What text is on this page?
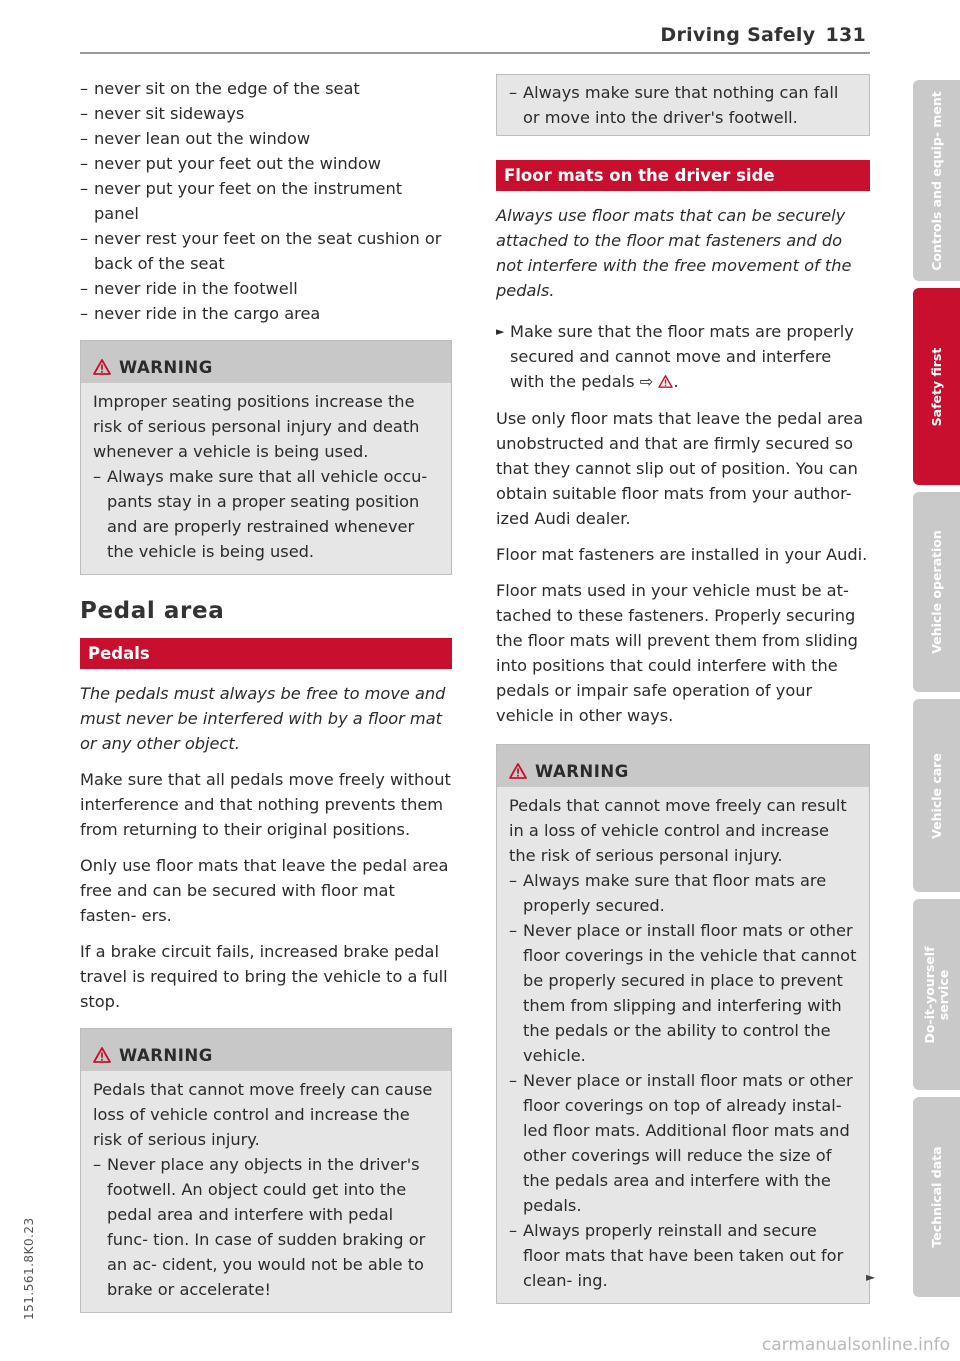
Driving Safely 131
– never sit on the edge of the seat
– never sit sideways
– never lean out the window
– never put your feet out the window
– never put your feet on the instrument panel
– never rest your feet on the seat cushion or back of the seat
– never ride in the footwell
– never ride in the cargo area
WARNING
Improper seating positions increase the risk of serious personal injury and death whenever a vehicle is being used.
– Always make sure that all vehicle occu- pants stay in a proper seating position and are properly restrained whenever the vehicle is being used.
Pedal area
Pedals

The pedals must always be free to move and must never be interfered with by a floor mat or any other object.

Make sure that all pedals move freely without interference and that nothing prevents them from returning to their original positions.

Only use floor mats that leave the pedal area free and can be secured with floor mat fasten- ers.

If a brake circuit fails, increased brake pedal travel is required to bring the vehicle to a full stop.

WARNING
Pedals that cannot move freely can cause loss of vehicle control and increase the risk of serious injury.
– Never place any objects in the driver's footwell. An object could get into the pedal area and interfere with pedal func- tion. In case of sudden braking or an ac- cident, you would not be able to brake or accelerate!
– Always make sure that nothing can fall or move into the driver's footwell.
Floor mats on the driver side

Always use floor mats that can be securely attached to the floor mat fasteners and do not interfere with the free movement of the pedals.

► Make sure that the floor mats are properly secured and cannot move and interfere with the pedals ⇨ .

Use only floor mats that leave the pedal area unobstructed and that are firmly secured so that they cannot slip out of position. You can obtain suitable floor mats from your author- ized Audi dealer.

Floor mat fasteners are installed in your Audi.

Floor mats used in your vehicle must be at- tached to these fasteners. Properly securing the floor mats will prevent them from sliding into positions that could interfere with the pedals or impair safe operation of your vehicle in other ways.

WARNING
Pedals that cannot move freely can result in a loss of vehicle control and increase the risk of serious personal injury.
– Always make sure that floor mats are properly secured.
– Never place or install floor mats or other floor coverings in the vehicle that cannot be properly secured in place to prevent them from slipping and interfering with the pedals or the ability to control the vehicle.
– Never place or install floor mats or other floor coverings on top of already instal- led floor mats. Additional floor mats and other coverings will reduce the size of the pedals area and interfere with the pedals.
– Always properly reinstall and secure floor mats that have been taken out for clean- ing.	►
Controls and equip- ment
Safety first
Vehicle operation
Vehicle care
Do-it-yourself service
Technical data
151.561.8K0.23
carmanualsonline.info
